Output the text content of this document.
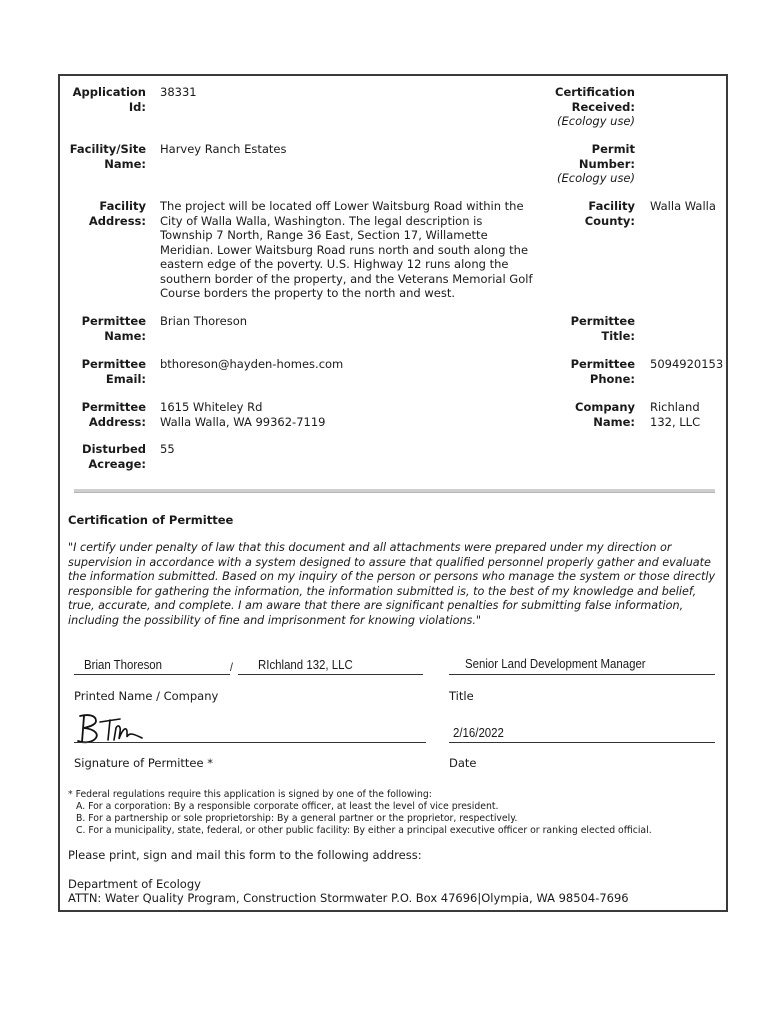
Application Id:
38331	Certification Received:
(Ecology use)
Facility/Site Name:
Harvey Ranch Estates	Permit Number:
(Ecology use)
Facility Address:
The project will be located off Lower Waitsburg Road within the City of Walla Walla, Washington. The legal description is Township 7 North, Range 36 East, Section 17, Willamette Meridian. Lower Waitsburg Road runs north and south along the eastern edge of the poverty. U.S. Highway 12 runs along the southern border of the property, and the Veterans Memorial Golf Course borders the property to the north and west.
Facility County:
Walla Walla
Permittee Name:
Brian Thoreson	Permittee Title:
Permittee Email:
bthoreson@hayden-homes.com	Permittee Phone:
5094920153
Permittee Address:
1615 Whiteley Rd
Walla Walla, WA 99362-7119
Company Name:
Richland 132, LLC
Disturbed Acreage:
55
Certification of Permittee
"I certify under penalty of law that this document and all attachments were prepared under my direction or supervision in accordance with a system designed to assure that qualified personnel properly gather and evaluate the information submitted. Based on my inquiry of the person or persons who manage the system or those directly responsible for gathering the information, the information submitted is, to the best of my knowledge and belief, true, accurate, and complete. I am aware that there are significant penalties for submitting false information, including the possibility of fine and imprisonment for knowing violations."
Brian Thoreson	/ RIchland 132, LLC
Printed Name / Company
Senior Land Development Manager
Title
Signature of Permittee *
2/16/2022
Date
* Federal regulations require this application is signed by one of the following:
A. For a corporation: By a responsible corporate officer, at least the level of vice president.
B. For a partnership or sole proprietorship: By a general partner or the proprietor, respectively.
C. For a municipality, state, federal, or other public facility: By either a principal executive officer or ranking elected official.
Please print, sign and mail this form to the following address:
Department of Ecology
ATTN: Water Quality Program, Construction Stormwater P.O. Box 47696|Olympia, WA 98504-7696
